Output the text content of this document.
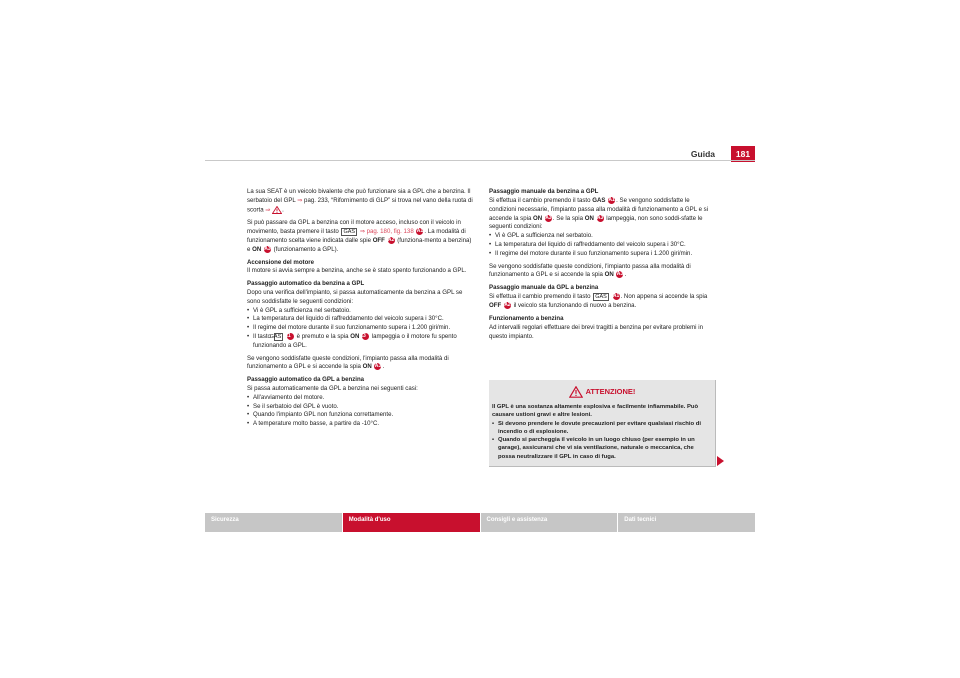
Guida	181

La sua SEAT è un veicolo bivalente che può funzionare sia a GPL che a benzina. Il serbatoio del GPL ⇒ pag. 233, “Rifornimento di GLP” si trova nel vano della ruota di scorta ⇒ .

Si può passare da GPL a benzina con il motore acceso, incluso con il veicolo in movimento, basta premere il tasto GAS ⇒ pag. 180, fig. 138 A1. La modalità di funzionamento scelta viene indicata dalle spie OFF A2 (funziona-mento a benzina) e ON A3 (funzionamento a GPL).

Accensione del motore

Il motore si avvia sempre a benzina, anche se è stato spento funzionando a GPL.

Passaggio automatico da benzina a GPL

Dopo una verifica dell'impianto, si passa automaticamente da benzina a GPL se sono soddisfatte le seguenti condizioni:

• Vi è GPL a sufficienza nel serbatoio.

• La temperatura del liquido di raffreddamento del veicolo supera i 30°C.

• Il regime del motore durante il suo funzionamento supera i 1.200 giri/min.

• Il tasto GAS A1 è premuto e la spia ON A3 lampeggia o il motore fu spento funzionando a GPL.

Se vengono soddisfatte queste condizioni, l'impianto passa alla modalità di funzionamento a GPL e si accende la spia ON A3.

Passaggio automatico da GPL a benzina

Si passa automaticamente da GPL a benzina nei seguenti casi:

• All'avviamento del motore.

• Se il serbatoio del GPL è vuoto.

• Quando l'impianto GPL non funziona correttamente.

• A temperature molto basse, a partire da -10°C.

Passaggio manuale da benzina a GPL

Si effettua il cambio premendo il tasto GAS A1. Se vengono soddisfatte le condizioni necessarie, l'impianto passa alla modalità di funzionamento a GPL e si accende la spia ON A3. Se la spia ON A3 lampeggia, non sono soddi-sfatte le seguenti condizioni:

• Vi è GPL a sufficienza nel serbatoio.

• La temperatura del liquido di raffreddamento del veicolo supera i 30°C.

• Il regime del motore durante il suo funzionamento supera i 1.200 giri/min.

Se vengono soddisfatte queste condizioni, l'impianto passa alla modalità di funzionamento a GPL e si accende la spia ON A3.

Passaggio manuale da GPL a benzina

Si effettua il cambio premendo il tasto GAS A1. Non appena si accende la spia OFF A2 il veicolo sta funzionando di nuovo a benzina.

Funzionamento a benzina

Ad intervalli regolari effettuare dei brevi tragitti a benzina per evitare problemi in questo impianto.

ATTENZIONE!

Il GPL è una sostanza altamente esplosiva e facilmente infiammabile. Può causare ustioni gravi e altre lesioni.

• Si devono prendere le dovute precauzioni per evitare qualsiasi rischio di incendio o di esplosione.

• Quando si parcheggia il veicolo in un luogo chiuso (per esempio in un garage), assicurarsi che vi sia ventilazione, naturale o meccanica, che possa neutralizzare il GPL in caso di fuga.

Sicurezza	Modalità d'uso	Consigli e assistenza	Dati tecnici
